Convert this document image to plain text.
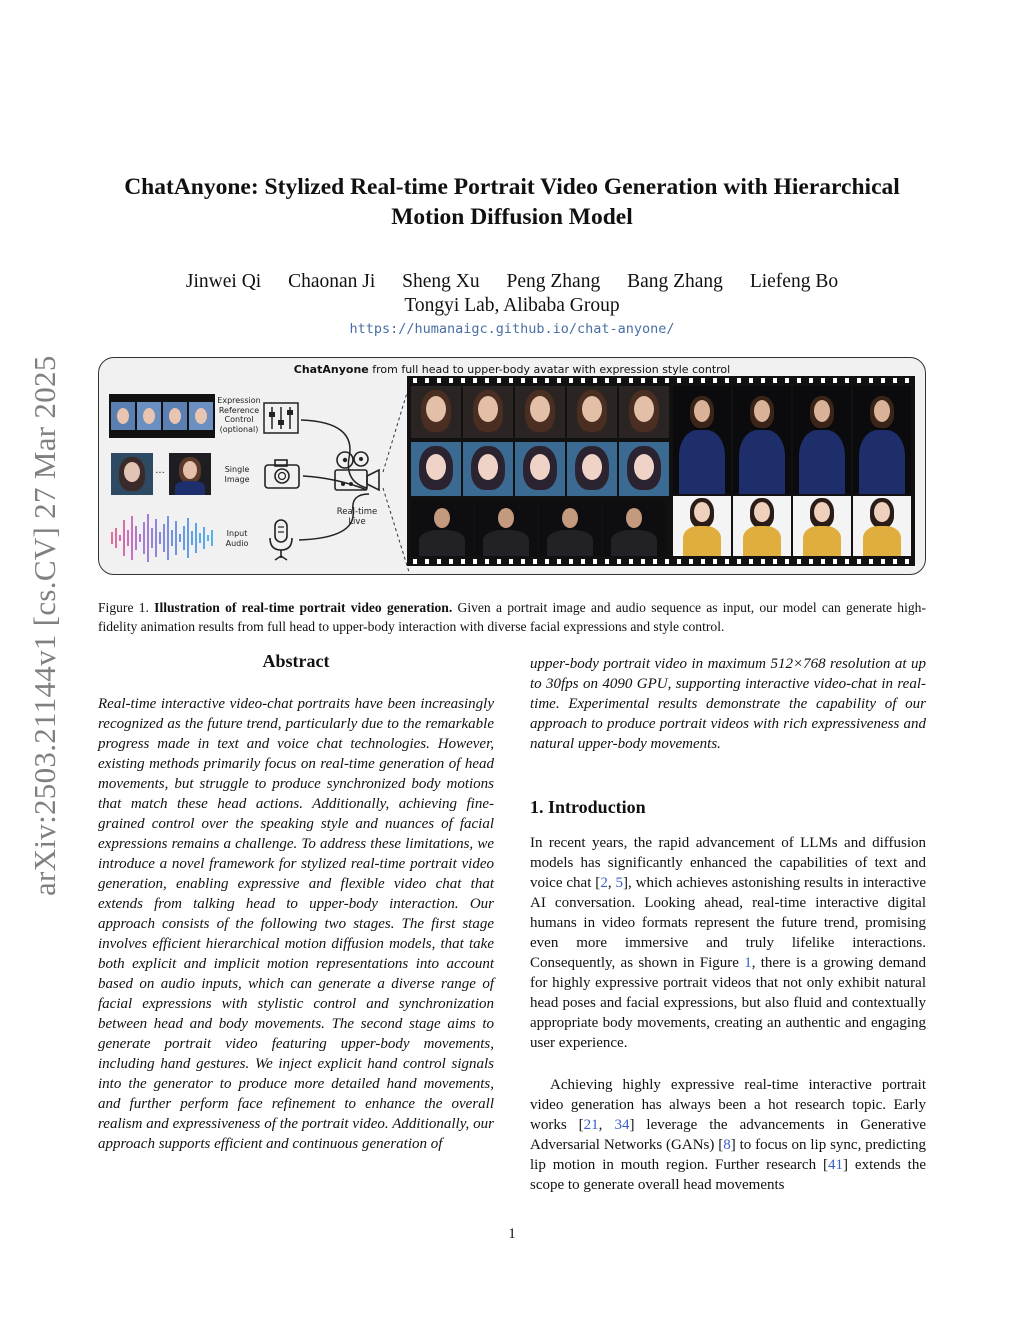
arXiv:2503.21144v1 [cs.CV] 27 Mar 2025
ChatAnyone: Stylized Real-time Portrait Video Generation with Hierarchical
Motion Diffusion Model
Jinwei Qi Chaonan Ji Sheng Xu Peng Zhang Bang Zhang Liefeng Bo
Tongyi Lab, Alibaba Group
https://humanaigc.github.io/chat-anyone/
ChatAnyone from full head to upper-body avatar with expression style control
Expression
Reference
Control
(optional)
...	Single
Image
Input
Audio
Real-time
Live
Figure 1. Illustration of real-time portrait video generation. Given a portrait image and audio sequence as input, our model can generate high-fidelity animation results from full head to upper-body interaction with diverse facial expressions and style control.
Abstract
Real-time interactive video-chat portraits have been increasingly recognized as the future trend, particularly due to the remarkable progress made in text and voice chat technologies. However, existing methods primarily focus on real-time generation of head movements, but struggle to produce synchronized body motions that match these head actions. Additionally, achieving fine-grained control over the speaking style and nuances of facial expressions remains a challenge. To address these limitations, we introduce a novel framework for stylized real-time portrait video generation, enabling expressive and flexible video chat that extends from talking head to upper-body interaction. Our approach consists of the following two stages. The first stage involves efficient hierarchical motion diffusion models, that take both explicit and implicit motion representations into account based on audio inputs, which can generate a diverse range of facial expressions with stylistic control and synchronization between head and body movements. The second stage aims to generate portrait video featuring upper-body movements, including hand gestures. We inject explicit hand control signals into the generator to produce more detailed hand movements, and further perform face refinement to enhance the overall realism and expressiveness of the portrait video. Additionally, our approach supports efficient and continuous generation of
upper-body portrait video in maximum 512×768 resolution at up to 30fps on 4090 GPU, supporting interactive video-chat in real-time. Experimental results demonstrate the capability of our approach to produce portrait videos with rich expressiveness and natural upper-body movements.
1. Introduction
In recent years, the rapid advancement of LLMs and diffusion models has significantly enhanced the capabilities of text and voice chat [2, 5], which achieves astonishing results in interactive AI conversation. Looking ahead, real-time interactive digital humans in video formats represent the future trend, promising even more immersive and truly lifelike interactions. Consequently, as shown in Figure 1, there is a growing demand for highly expressive portrait videos that not only exhibit natural head poses and facial expressions, but also fluid and contextually appropriate body movements, creating an authentic and engaging user experience.
Achieving highly expressive real-time interactive portrait video generation has always been a hot research topic. Early works [21, 34] leverage the advancements in Generative Adversarial Networks (GANs) [8] to focus on lip sync, predicting lip motion in mouth region. Further research [41] extends the scope to generate overall head movements
1
